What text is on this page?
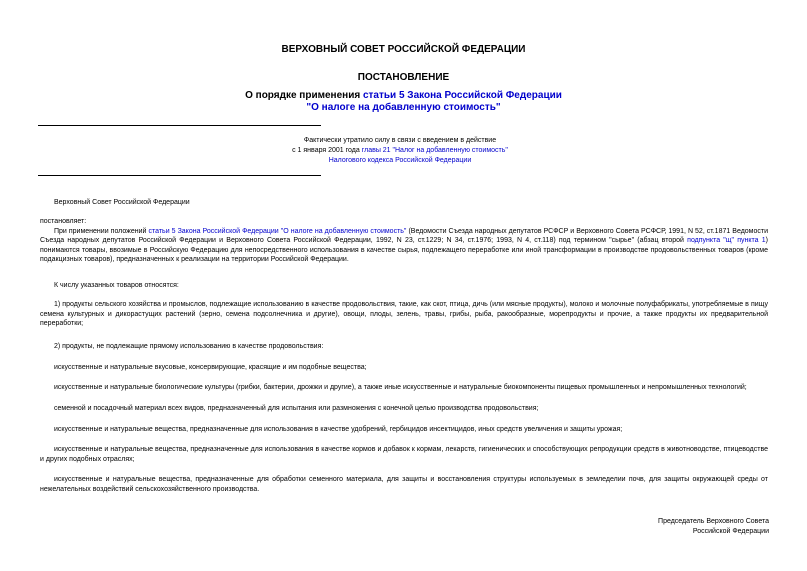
ВЕРХОВНЫЙ СОВЕТ РОССИЙСКОЙ ФЕДЕРАЦИИ
ПОСТАНОВЛЕНИЕ
О порядке применения статьи 5 Закона Российской Федерации
"О налоге на добавленную стоимость"
Фактически утратило силу в связи с введением в действие
с 1 января 2001 года главы 21 "Налог на добавленную стоимость"
Налогового кодекса Российской Федерации

Верховный Совет Российской Федерации

постановляет:

При применении положений статьи 5 Закона Российской Федерации "О налоге на добавленную стоимость" (Ведомости Съезда народных депутатов РСФСР и Верховного Совета РСФСР, 1991, N 52, ст.1871 Ведомости Съезда народных депутатов Российской Федерации и Верховного Совета Российской Федерации, 1992, N 23, ст.1229; N 34, ст.1976; 1993, N 4, ст.118) под термином "сырье" (абзац второй подпункта "щ" пункта 1) понимаются товары, ввозимые в Российскую Федерацию для непосредственного использования в качестве сырья, подлежащего переработке или иной трансформации в производстве продовольственных товаров (кроме подакцизных товаров), предназначенных к реализации на территории Российской Федерации.

К числу указанных товаров относятся:

1) продукты сельского хозяйства и промыслов, подлежащие использованию в качестве продовольствия, такие, как скот, птица, дичь (или мясные продукты), молоко и молочные полуфабрикаты, употребляемые в пищу семена культурных и дикорастущих растений (зерно, семена подсолнечника и другие), овощи, плоды, зелень, травы, грибы, рыба, ракообразные, морепродукты и прочие, а также продукты их предварительной переработки;

2) продукты, не подлежащие прямому использованию в качестве продовольствия:

искусственные и натуральные вкусовые, консервирующие, красящие и им подобные вещества;

искусственные и натуральные биологические культуры (грибки, бактерии, дрожжи и другие), а также иные искусственные и натуральные биокомпоненты пищевых промышленных и непромышленных технологий;

семенной и посадочный материал всех видов, предназначенный для испытания или размножения с конечной целью производства продовольствия;

искусственные и натуральные вещества, предназначенные для использования в качестве удобрений, гербицидов инсектицидов, иных средств увеличения и защиты урожая;

искусственные и натуральные вещества, предназначенные для использования в качестве кормов и добавок к кормам, лекарств, гигиенических и способствующих репродукции средств в животноводстве, птицеводстве и других подобных отраслях;

искусственные и натуральные вещества, предназначенные для обработки семенного материала, для защиты и восстановления структуры используемых в земледелии почв, для защиты окружающей среды от нежелательных воздействий сельскохозяйственного производства.

Председатель Верховного Совета
Российской Федерации
